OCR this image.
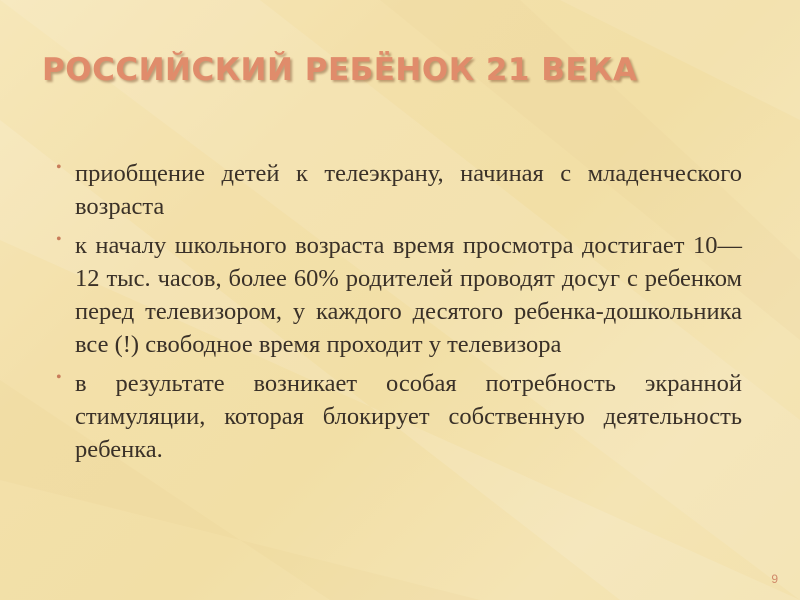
РОССИЙСКИЙ РЕБЁНОК 21 ВЕКА
• приобщение детей к телеэкрану, начиная с младенческого возраста
• к началу школьного возраста время просмотра достигает 10—12 тыс. часов, более 60% родителей проводят досуг с ребенком перед телевизором, у каждого десятого ребенка-дошкольника все (!) свободное время проходит у телевизора
• в результате возникает особая потребность экранной стимуляции, которая блокирует собственную деятельность ребенка.
9
